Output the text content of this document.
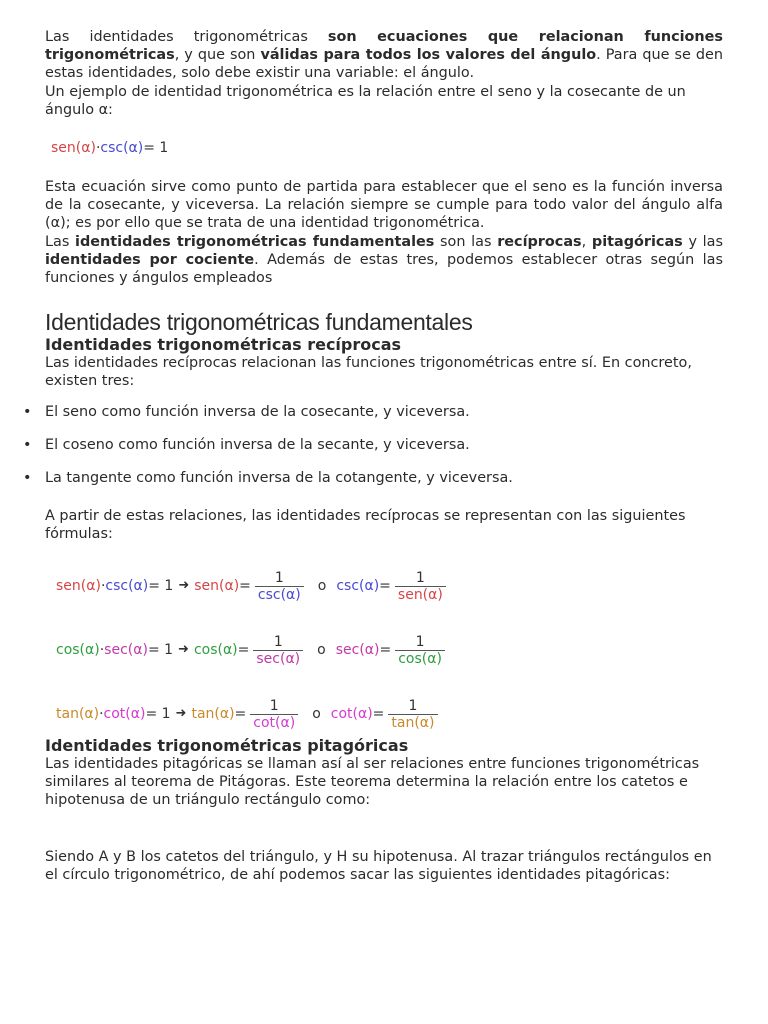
Las identidades trigonométricas son ecuaciones que relacionan funciones trigonométricas, y que son válidas para todos los valores del ángulo. Para que se den estas identidades, solo debe existir una variable: el ángulo.

Un ejemplo de identidad trigonométrica es la relación entre el seno y la cosecante de un ángulo α:

sen(α) · csc(α) = 1

Esta ecuación sirve como punto de partida para establecer que el seno es la función inversa de la cosecante, y viceversa. La relación siempre se cumple para todo valor del ángulo alfa (α); es por ello que se trata de una identidad trigonométrica.

Las identidades trigonométricas fundamentales son las recíprocas, pitagóricas y las identidades por cociente. Además de estas tres, podemos establecer otras según las funciones y ángulos empleados

Identidades trigonométricas fundamentales
Identidades trigonométricas recíprocas

Las identidades recíprocas relacionan las funciones trigonométricas entre sí. En concreto, existen tres:

• El seno como función inversa de la cosecante, y viceversa.
• El coseno como función inversa de la secante, y viceversa.
• La tangente como función inversa de la cotangente, y viceversa.

A partir de estas relaciones, las identidades recíprocas se representan con las siguientes fórmulas:

sen(α) · csc(α) = 1 ➜ $sen(\alpha) = \frac{1}{\csc(\alpha)}$ o $\csc(\alpha) = \frac{1}{\text{sen(α)}}$
cos(α) · sec(α) = 1 ➜ $\cos(\alpha) = \frac{1}{\sec(\alpha)}$ o $\sec(\alpha) = \frac{1}{\cos(\alpha)}$
tan(α) · cot(α) = 1 ➜ $\tan(\alpha) = \frac{1}{\cot(\alpha)}$ o $\cot(\alpha) = \frac{1}{\tan(\alpha)}$
Identidades trigonométricas pitagóricas

Las identidades pitagóricas se llaman así al ser relaciones entre funciones trigonométricas similares al teorema de Pitágoras. Este teorema determina la relación entre los catetos e hipotenusa de un triángulo rectángulo como:

Siendo A y B los catetos del triángulo, y H su hipotenusa. Al trazar triángulos rectángulos en el círculo trigonométrico, de ahí podemos sacar las siguientes identidades pitagóricas:
